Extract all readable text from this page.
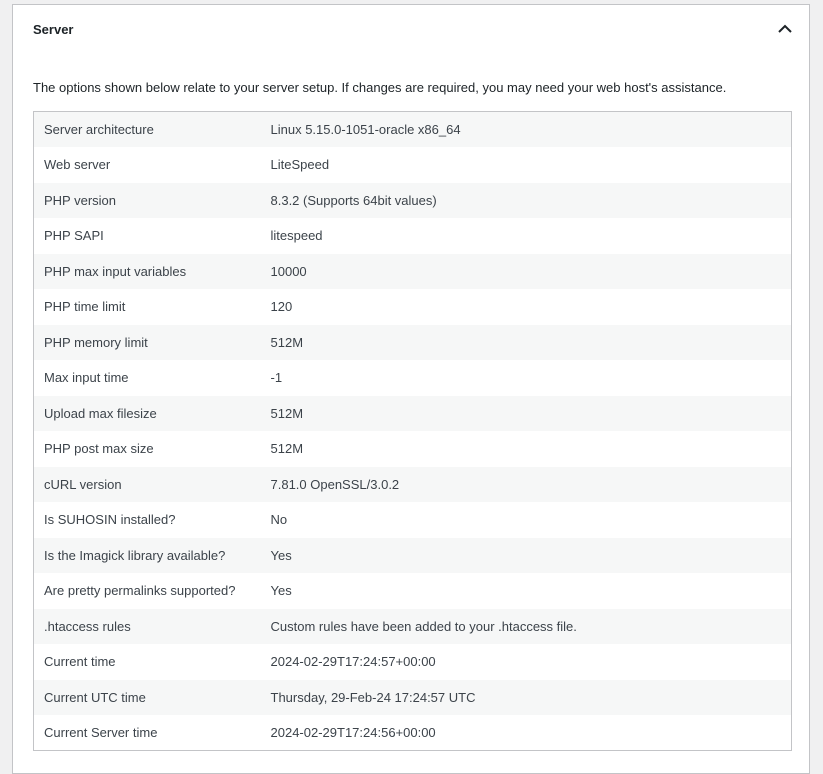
Server
The options shown below relate to your server setup. If changes are required, you may need your web host's assistance.
Server architecture	Linux 5.15.0-1051-oracle x86_64
Web server	LiteSpeed
PHP version	8.3.2 (Supports 64bit values)
PHP SAPI	litespeed
PHP max input variables	10000
PHP time limit	120
PHP memory limit	512M
Max input time	-1
Upload max filesize	512M
PHP post max size	512M
cURL version	7.81.0 OpenSSL/3.0.2
Is SUHOSIN installed?	No
Is the Imagick library available?	Yes
Are pretty permalinks supported?	Yes
.htaccess rules	Custom rules have been added to your .htaccess file.
Current time	2024-02-29T17:24:57+00:00
Current UTC time	Thursday, 29-Feb-24 17:24:57 UTC
Current Server time	2024-02-29T17:24:56+00:00
